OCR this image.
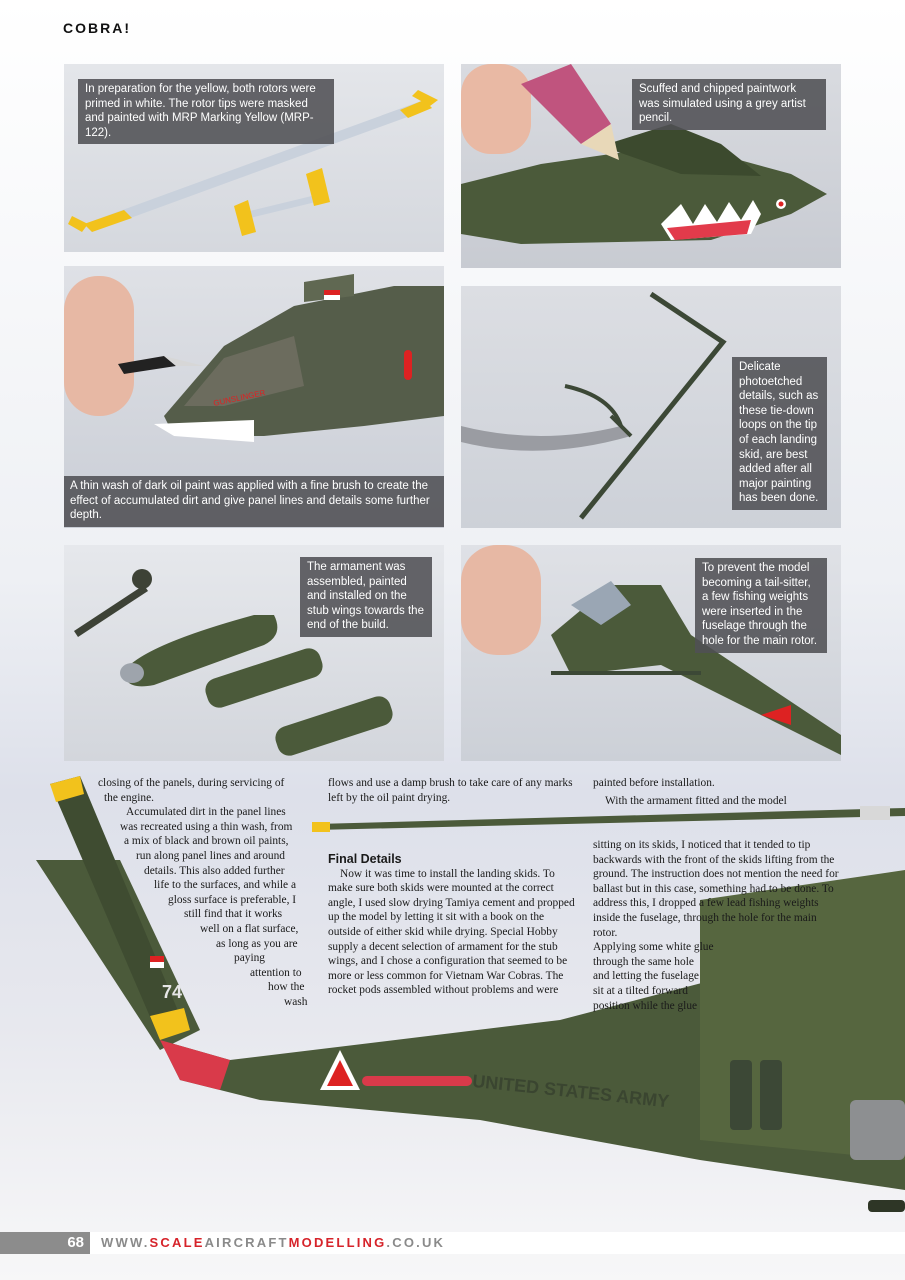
COBRA!
In preparation for the yellow, both rotors were primed in white. The rotor tips were masked and painted with MRP Marking Yellow (MRP-122).
Scuffed and chipped paintwork was simulated using a grey artist pencil.
GUNSLINGER
A thin wash of dark oil paint was applied with a fine brush to create the effect of accumulated dirt and give panel lines and details some further depth.
Delicate photoetched details, such as these tie-down loops on the tip of each landing skid, are best added after all major painting has been done.
The armament was assembled, painted and installed on the stub wings towards the end of the build.
To prevent the model becoming a tail-sitter, a few fishing weights were inserted in the fuselage through the hole for the main rotor.
74
UNITED STATES ARMY

closing of the panels, during servicing of

the engine.

Accumulated dirt in the panel lines

was recreated using a thin wash, from

a mix of black and brown oil paints,

run along panel lines and around

details. This also added further

life to the surfaces, and while a

gloss surface is preferable, I

still find that it works

well on a flat surface,

as long as you are

paying

attention to

how the

wash

flows and use a damp brush to take care of any marks left by the oil paint drying.

Final Details

Now it was time to install the landing skids. To make sure both skids were mounted at the correct angle, I used slow drying Tamiya cement and propped up the model by letting it sit with a book on the outside of either skid while drying. Special Hobby supply a decent selection of armament for the stub wings, and I chose a configuration that seemed to be more or less common for Vietnam War Cobras. The rocket pods assembled without problems and were

painted before installation.

With the armament fitted and the model

sitting on its skids, I noticed that it tended to tip backwards with the front of the skids lifting from the ground. The instruction does not mention the need for ballast but in this case, something had to be done. To address this, I dropped a few lead fishing weights inside the fuselage, through the hole for the main rotor.

Applying some white glue

through the same hole

and letting the fuselage

sit at a tilted forward

position while the glue

68	WWW.SCALEAIRCRAFTMODELLING.CO.UK
